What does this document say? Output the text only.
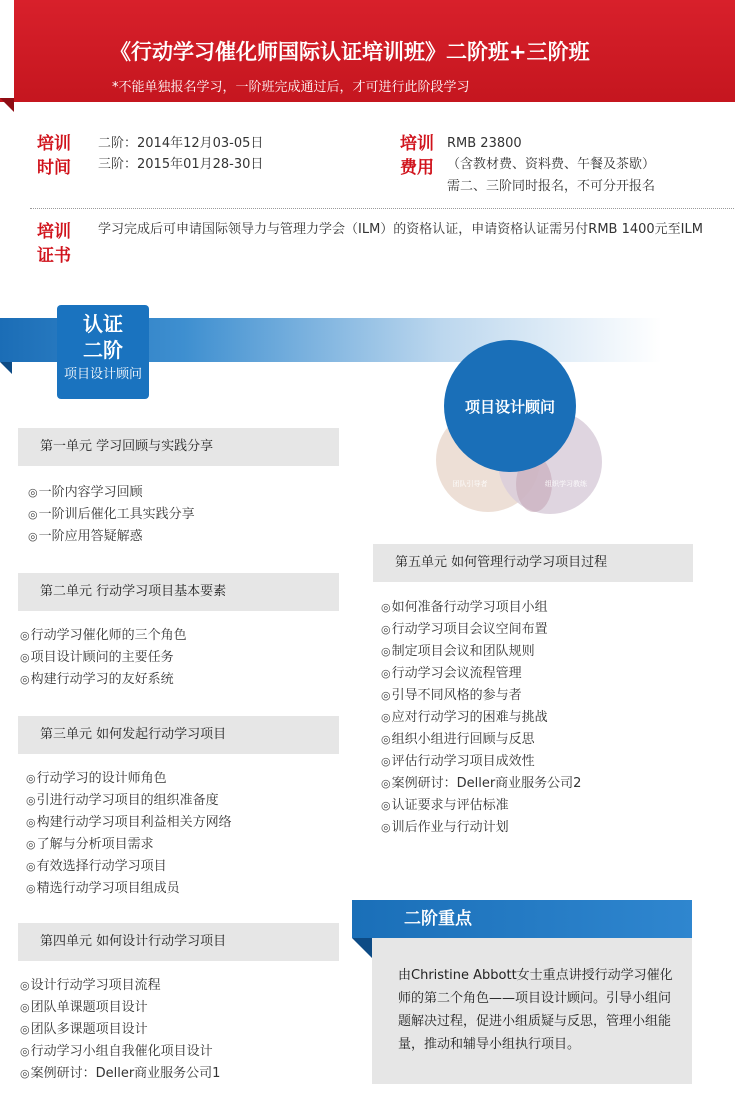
《行动学习催化师国际认证培训班》二阶班+三阶班
*不能单独报名学习，一阶班完成通过后，才可进行此阶段学习
培训
时间
二阶：2014年12月03-05日
三阶：2015年01月28-30日
培训
费用
RMB 23800
（含教材费、资料费、午餐及茶歇）
需二、三阶同时报名，不可分开报名
培训
证书
学习完成后可申请国际领导力与管理力学会（ILM）的资格认证，申请资格认证需另付RMB 1400元至ILM
认证
二阶
项目设计顾问
项目设计顾问
团队引导者	组织学习教练
第一单元 学习回顾与实践分享
◎ 一阶内容学习回顾
◎ 一阶训后催化工具实践分享
◎ 一阶应用答疑解惑
第二单元 行动学习项目基本要素
◎ 行动学习催化师的三个角色
◎ 项目设计顾问的主要任务
◎ 构建行动学习的友好系统
第三单元 如何发起行动学习项目
◎ 行动学习的设计师角色
◎ 引进行动学习项目的组织准备度
◎ 构建行动学习项目利益相关方网络
◎ 了解与分析项目需求
◎ 有效选择行动学习项目
◎ 精选行动学习项目组成员
第四单元 如何设计行动学习项目
◎ 设计行动学习项目流程
◎ 团队单课题项目设计
◎ 团队多课题项目设计
◎ 行动学习小组自我催化项目设计
◎ 案例研讨：Deller商业服务公司1
第五单元 如何管理行动学习项目过程
◎ 如何准备行动学习项目小组
◎ 行动学习项目会议空间布置
◎ 制定项目会议和团队规则
◎ 行动学习会议流程管理
◎ 引导不同风格的参与者
◎ 应对行动学习的困难与挑战
◎ 组织小组进行回顾与反思
◎ 评估行动学习项目成效性
◎ 案例研讨：Deller商业服务公司2
◎ 认证要求与评估标准
◎ 训后作业与行动计划
二阶重点
由Christine Abbott女士重点讲授行动学习催化师的第二个角色——项目设计顾问。引导小组问题解决过程，促进小组质疑与反思，管理小组能量，推动和辅导小组执行项目。
